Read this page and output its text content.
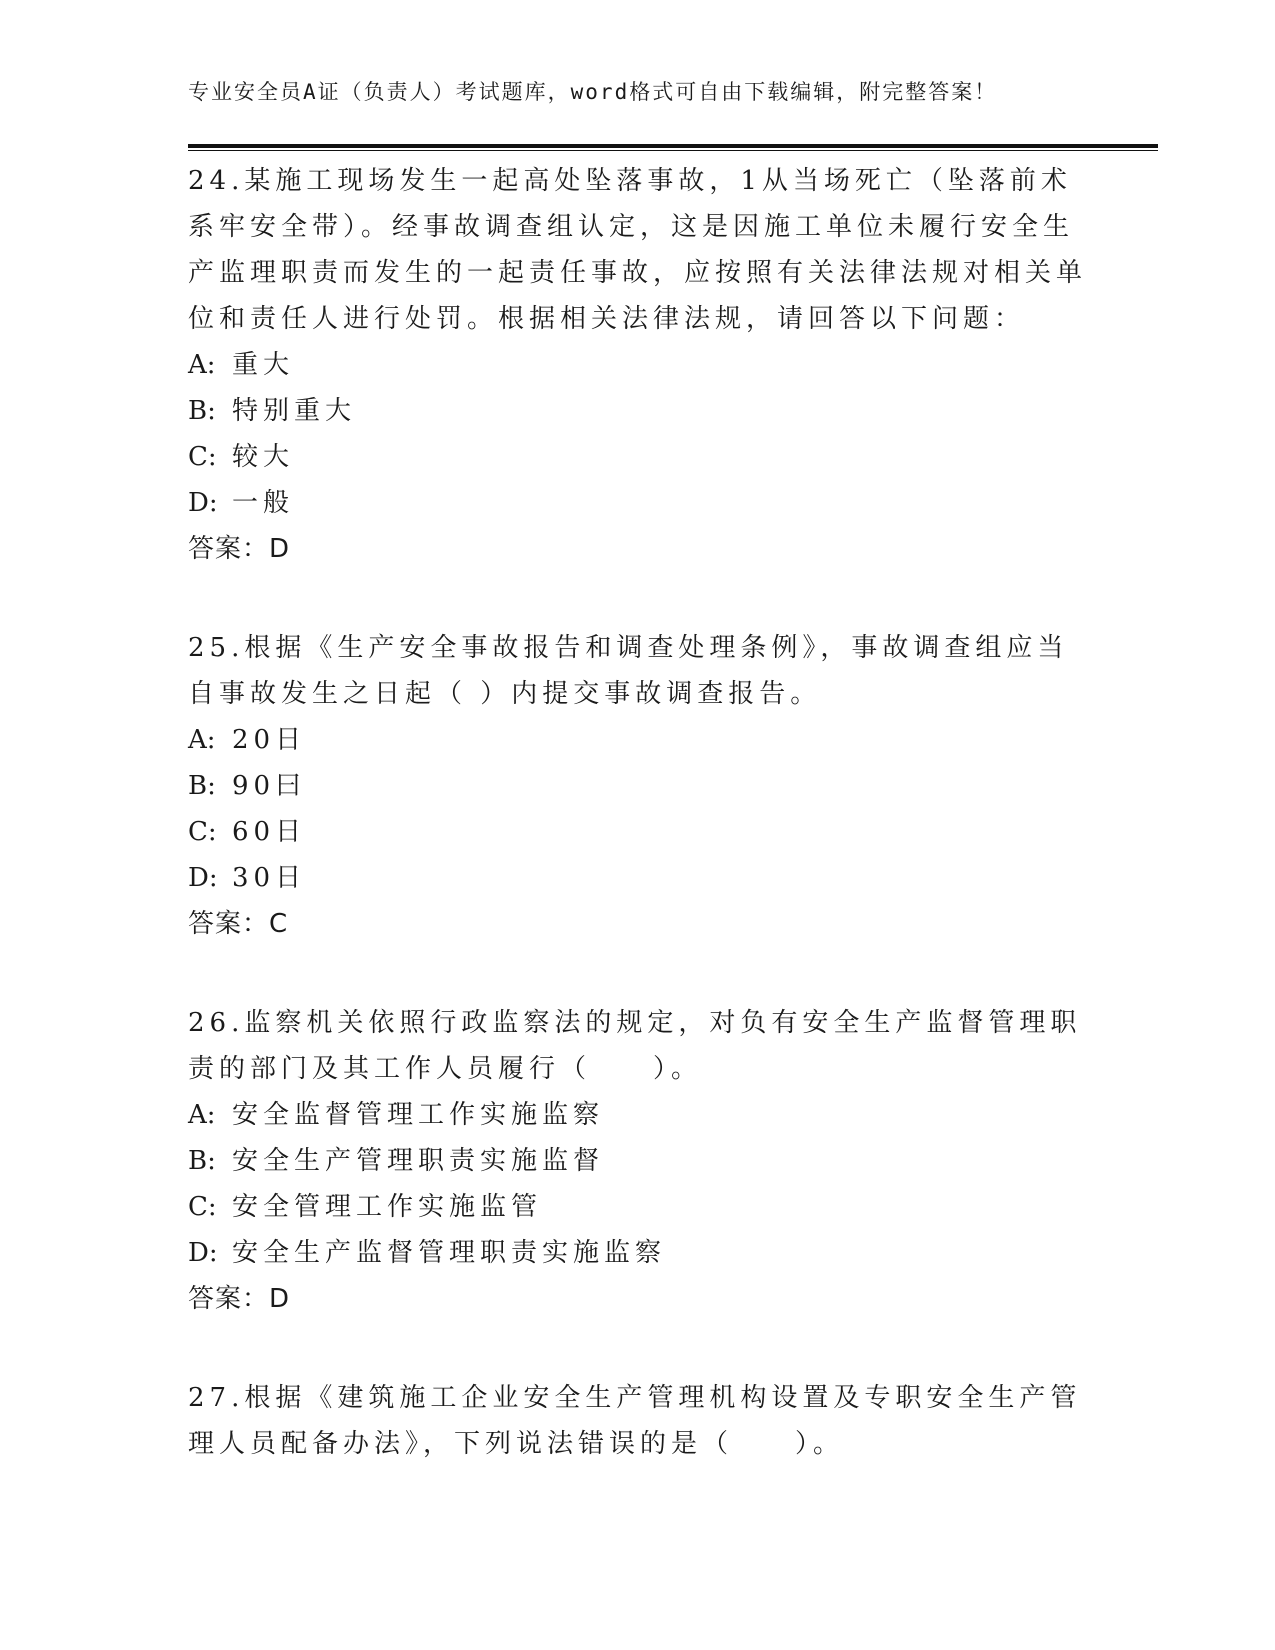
专业安全员A证（负责人）考试题库，word格式可自由下载编辑，附完整答案！

24.某施工现场发生一起高处坠落事故，1从当场死亡（坠落前术系牢安全带）。经事故调查组认定，这是因施工单位未履行安全生产监理职责而发生的一起责任事故，应按照有关法律法规对相关单位和责任人进行处罚。根据相关法律法规，请回答以下问题：

A: 重大

B: 特别重大

C: 较大

D: 一般

答案：D

25.根据《生产安全事故报告和调查处理条例》，事故调查组应当自事故发生之日起（ ）内提交事故调查报告。

A: 20日

B: 90曰

C: 60日

D: 30日

答案：C

26.监察机关依照行政监察法的规定，对负有安全生产监督管理职责的部门及其工作人员履行（　　）。

A: 安全监督管理工作实施监察

B: 安全生产管理职责实施监督

C: 安全管理工作实施监管

D: 安全生产监督管理职责实施监察

答案：D

27.根据《建筑施工企业安全生产管理机构设置及专职安全生产管理人员配备办法》，下列说法错误的是（　　）。
